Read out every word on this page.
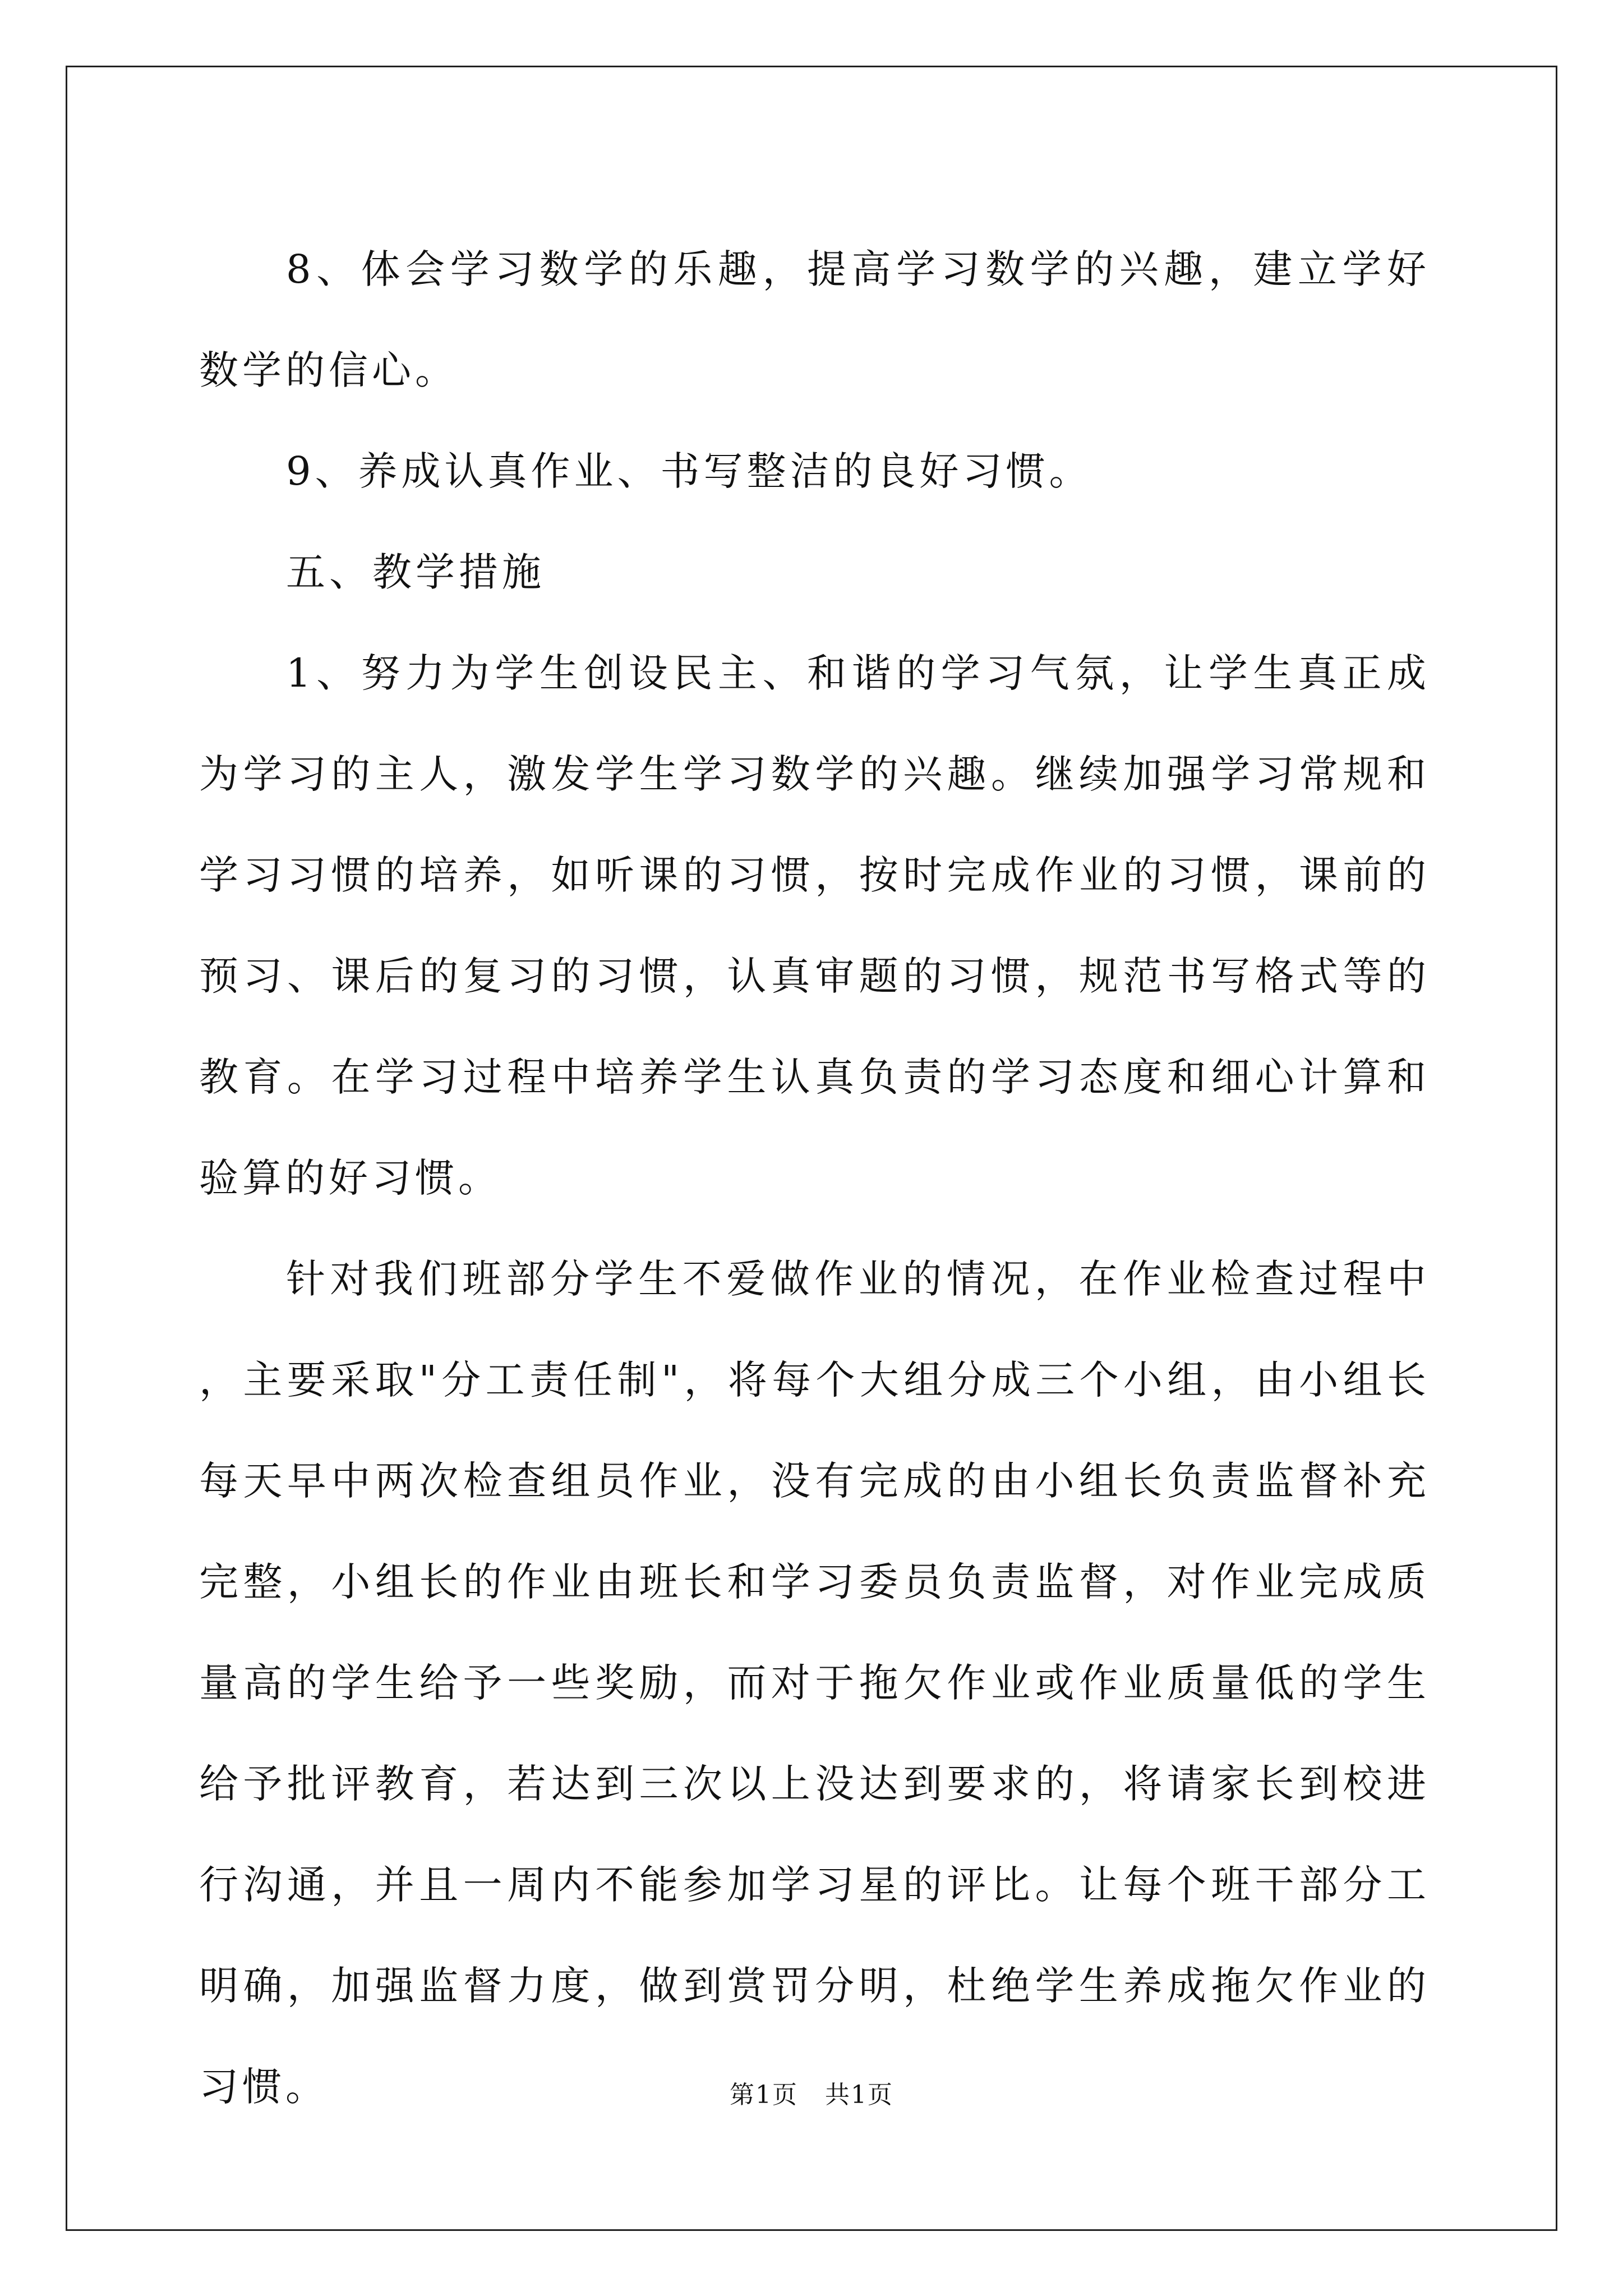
8、体会学习数学的乐趣，提高学习数学的兴趣，建立学好数学的信心。

9、养成认真作业、书写整洁的良好习惯。

五、教学措施

1、努力为学生创设民主、和谐的学习气氛，让学生真正成为学习的主人，激发学生学习数学的兴趣。继续加强学习常规和学习习惯的培养，如听课的习惯，按时完成作业的习惯，课前的预习、课后的复习的习惯，认真审题的习惯，规范书写格式等的教育。在学习过程中培养学生认真负责的学习态度和细心计算和验算的好习惯。

针对我们班部分学生不爱做作业的情况，在作业检查过程中，主要采取"分工责任制"，将每个大组分成三个小组，由小组长每天早中两次检查组员作业，没有完成的由小组长负责监督补充完整，小组长的作业由班长和学习委员负责监督，对作业完成质量高的学生给予一些奖励，而对于拖欠作业或作业质量低的学生给予批评教育，若达到三次以上没达到要求的，将请家长到校进行沟通，并且一周内不能参加学习星的评比。让每个班干部分工明确，加强监督力度，做到赏罚分明，杜绝学生养成拖欠作业的习惯。	第1页   共1页
